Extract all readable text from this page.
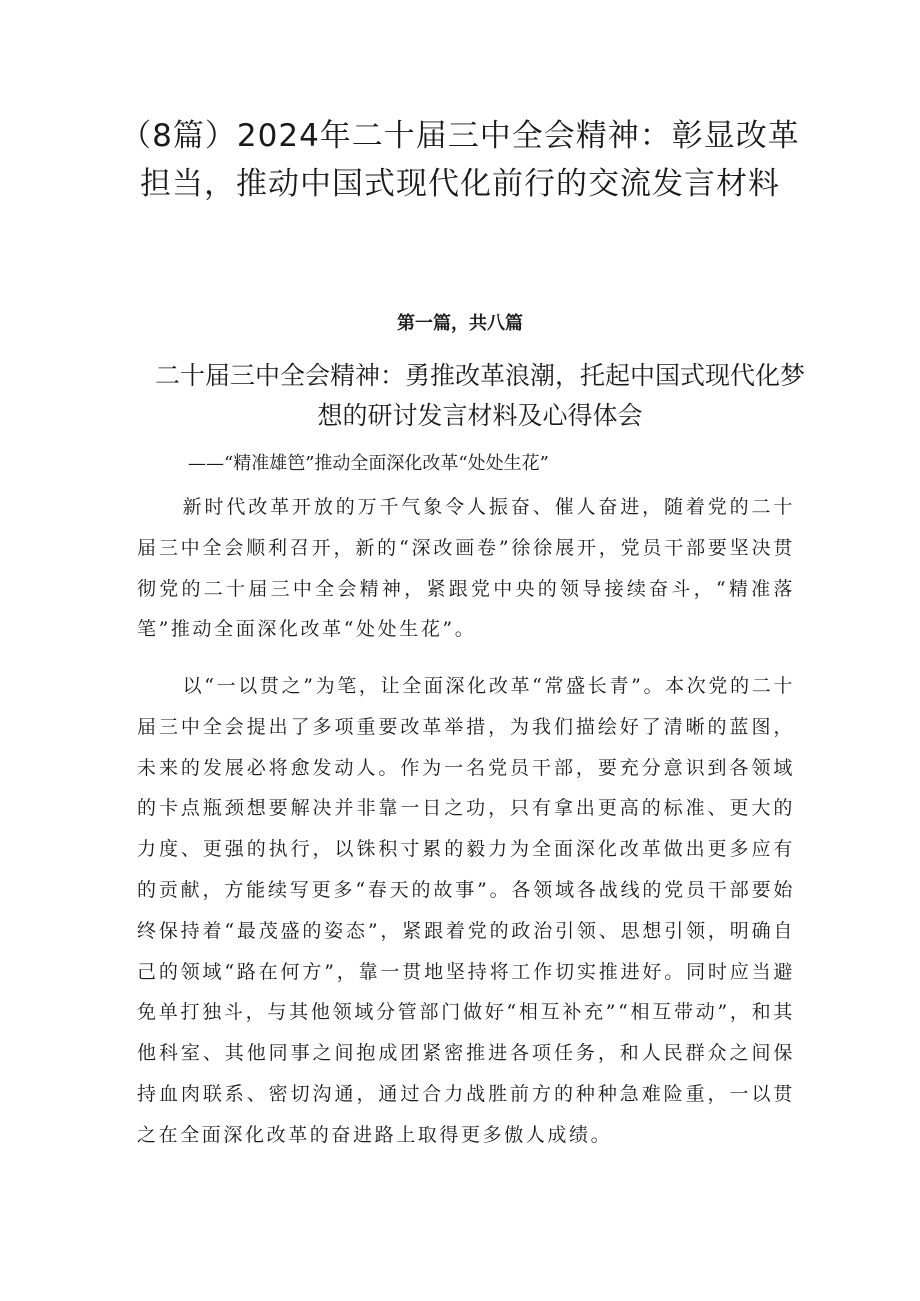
（8篇）2024年二十届三中全会精神：彰显改革担当，推动中国式现代化前行的交流发言材料
第一篇，共八篇
二十届三中全会精神：勇推改革浪潮，托起中国式现代化梦想的研讨发言材料及心得体会
——“精准雄笆”推动全面深化改革“处处生花”

新时代改革开放的万千气象令人振奋、催人奋进，随着党的二十届三中全会顺利召开，新的“深改画卷”徐徐展开，党员干部要坚决贯彻党的二十届三中全会精神，紧跟党中央的领导接续奋斗，“精准落笔”推动全面深化改革“处处生花”。

以“一以贯之”为笔，让全面深化改革“常盛长青”。本次党的二十届三中全会提出了多项重要改革举措，为我们描绘好了清晰的蓝图，未来的发展必将愈发动人。作为一名党员干部，要充分意识到各领域的卡点瓶颈想要解决并非靠一日之功，只有拿出更高的标准、更大的力度、更强的执行，以铢积寸累的毅力为全面深化改革做出更多应有的贡献，方能续写更多“春天的故事”。各领域各战线的党员干部要始终保持着“最茂盛的姿态”，紧跟着党的政治引领、思想引领，明确自己的领域“路在何方”，靠一贯地坚持将工作切实推进好。同时应当避免单打独斗，与其他领域分管部门做好“相互补充”“相互带动”，和其他科室、其他同事之间抱成团紧密推进各项任务，和人民群众之间保持血肉联系、密切沟通，通过合力战胜前方的种种急难险重，一以贯之在全面深化改革的奋进路上取得更多傲人成绩。
